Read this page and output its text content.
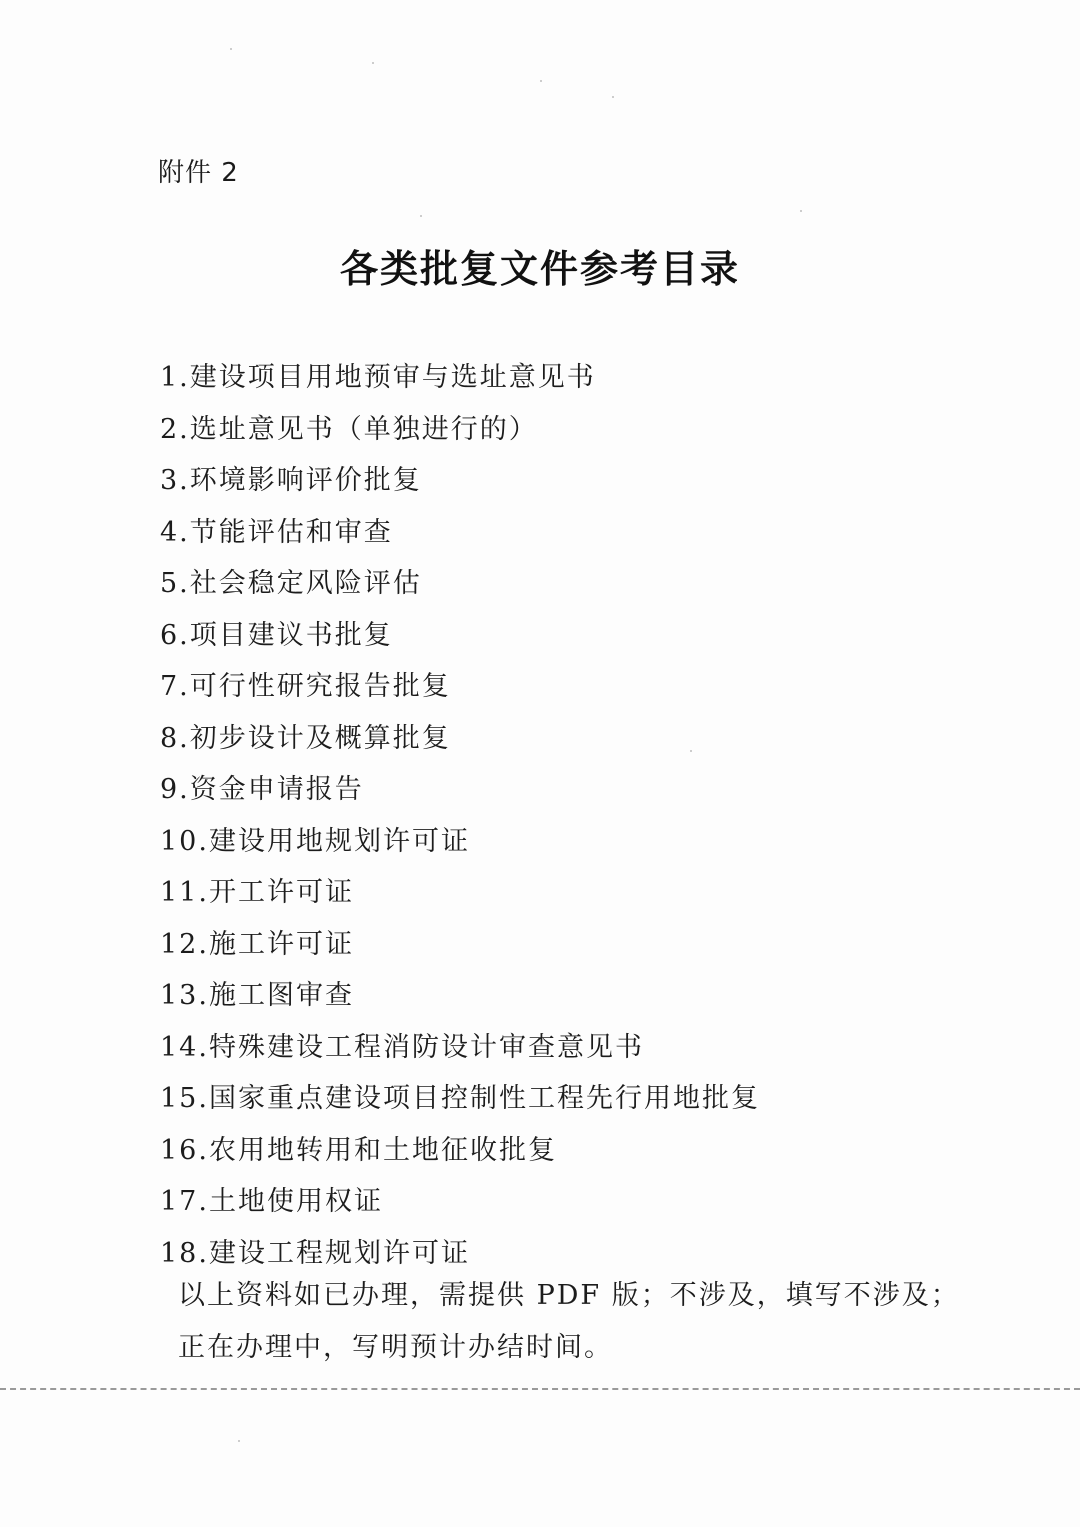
附件 2
各类批复文件参考目录
1.建设项目用地预审与选址意见书
2.选址意见书（单独进行的）
3.环境影响评价批复
4.节能评估和审查
5.社会稳定风险评估
6.项目建议书批复
7.可行性研究报告批复
8.初步设计及概算批复
9.资金申请报告
10.建设用地规划许可证
11.开工许可证
12.施工许可证
13.施工图审查
14.特殊建设工程消防设计审查意见书
15.国家重点建设项目控制性工程先行用地批复
16.农用地转用和土地征收批复
17.土地使用权证
18.建设工程规划许可证

以上资料如已办理，需提供 PDF 版；不涉及，填写不涉及；

正在办理中，写明预计办结时间。
